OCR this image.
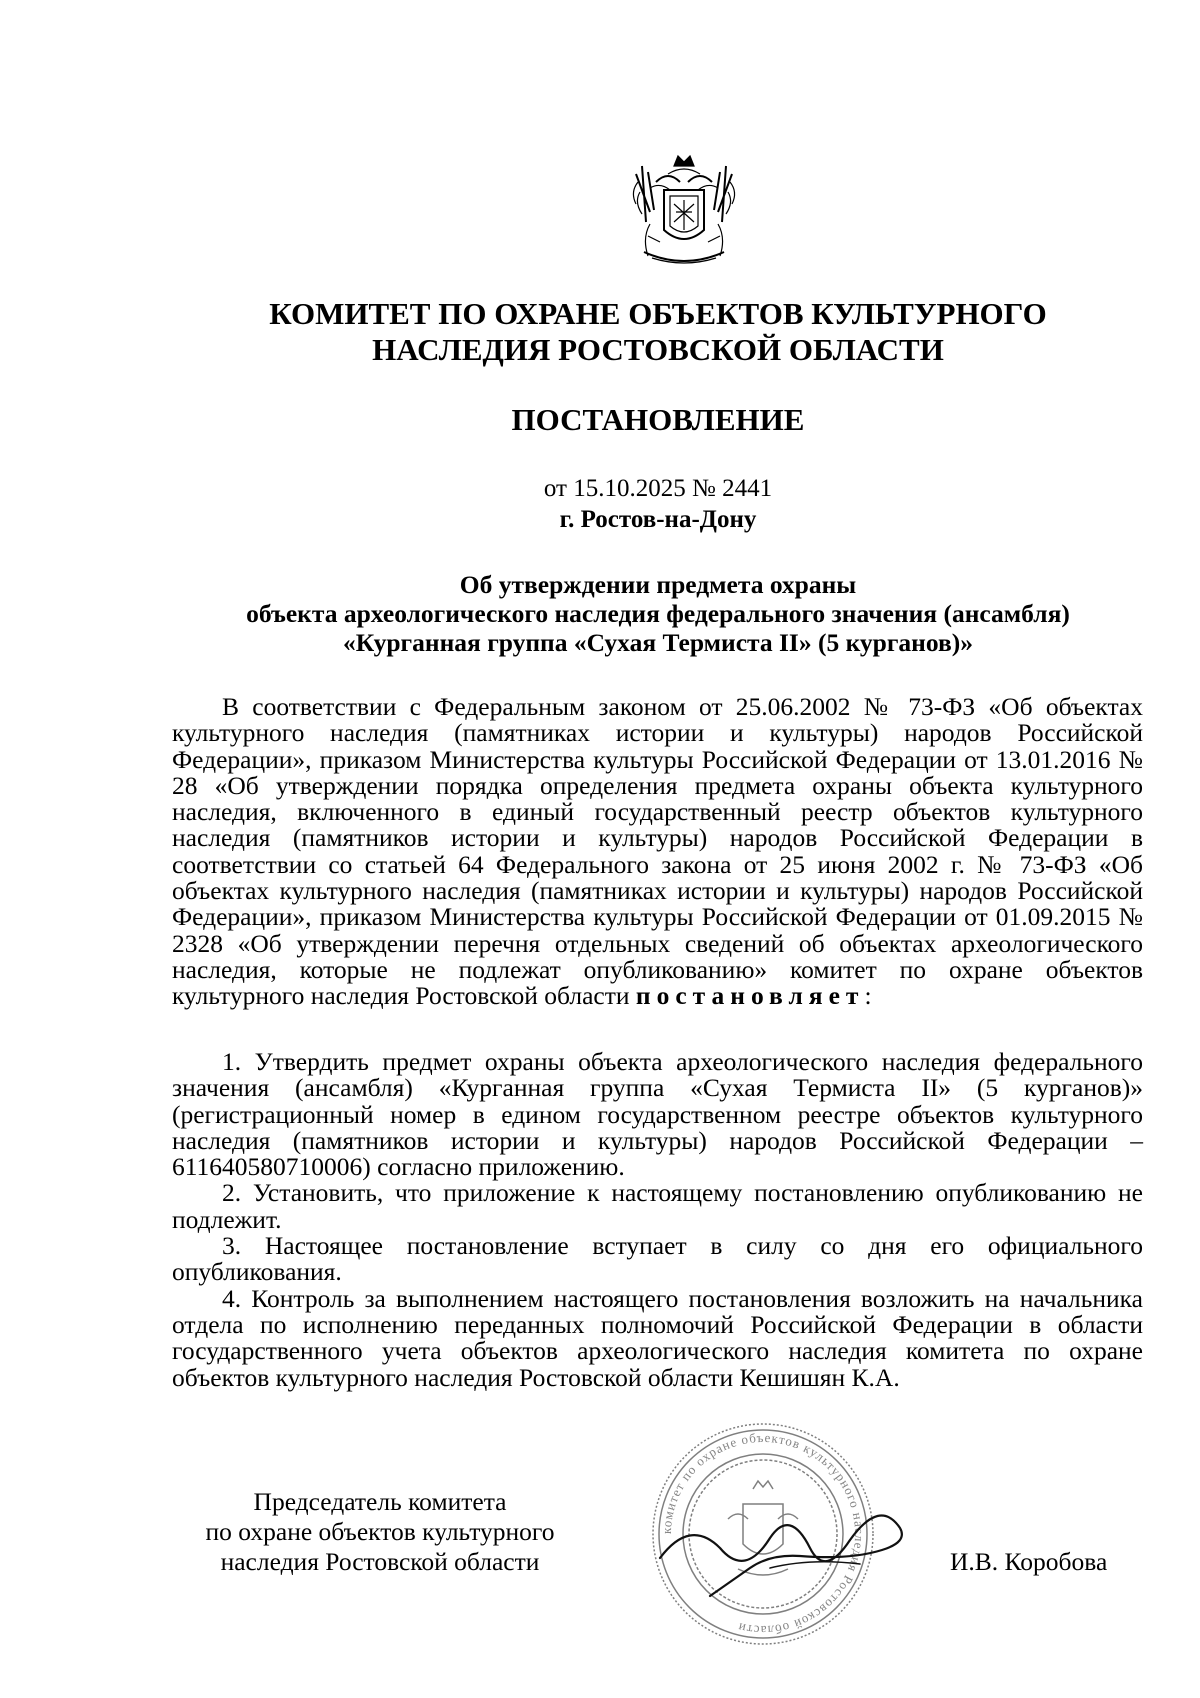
КОМИТЕТ ПО ОХРАНЕ ОБЪЕКТОВ КУЛЬТУРНОГО
НАСЛЕДИЯ РОСТОВСКОЙ ОБЛАСТИ
ПОСТАНОВЛЕНИЕ
от 15.10.2025 № 2441
г. Ростов-на-Дону
Об утверждении предмета охраны
объекта археологического наследия федерального значения (ансамбля)
«Курганная группа «Сухая Термиста II» (5 курганов)»

В соответствии с Федеральным законом от 25.06.2002 № 73-ФЗ «Об объектах культурного наследия (памятниках истории и культуры) народов Российской Федерации», приказом Министерства культуры Российской Федерации от 13.01.2016 № 28 «Об утверждении порядка определения предмета охраны объекта культурного наследия, включенного в единый государственный реестр объектов культурного наследия (памятников истории и культуры) народов Российской Федерации в соответствии со статьей 64 Федерального закона от 25 июня 2002 г. № 73-ФЗ «Об объектах культурного наследия (памятниках истории и культуры) народов Российской Федерации», приказом Министерства культуры Российской Федерации от 01.09.2015 № 2328 «Об утверждении перечня отдельных сведений об объектах археологического наследия, которые не подлежат опубликованию» комитет по охране объектов культурного наследия Ростовской области постановляет:

1. Утвердить предмет охраны объекта археологического наследия федерального значения (ансамбля) «Курганная группа «Сухая Термиста II» (5 курганов)» (регистрационный номер в едином государственном реестре объектов культурного наследия (памятников истории и культуры) народов Российской Федерации – 611640580710006) согласно приложению.

2. Установить, что приложение к настоящему постановлению опубликованию не подлежит.

3. Настоящее постановление вступает в силу со дня его официального опубликования.

4. Контроль за выполнением настоящего постановления возложить на начальника отдела по исполнению переданных полномочий Российской Федерации в области государственного учета объектов археологического наследия комитета по охране объектов культурного наследия Ростовской области Кешишян К.А.

комитет по охране объектов культурного наследия Ростовской области
Председатель комитета
по охране объектов культурного
наследия Ростовской области	И.В. Коробова
